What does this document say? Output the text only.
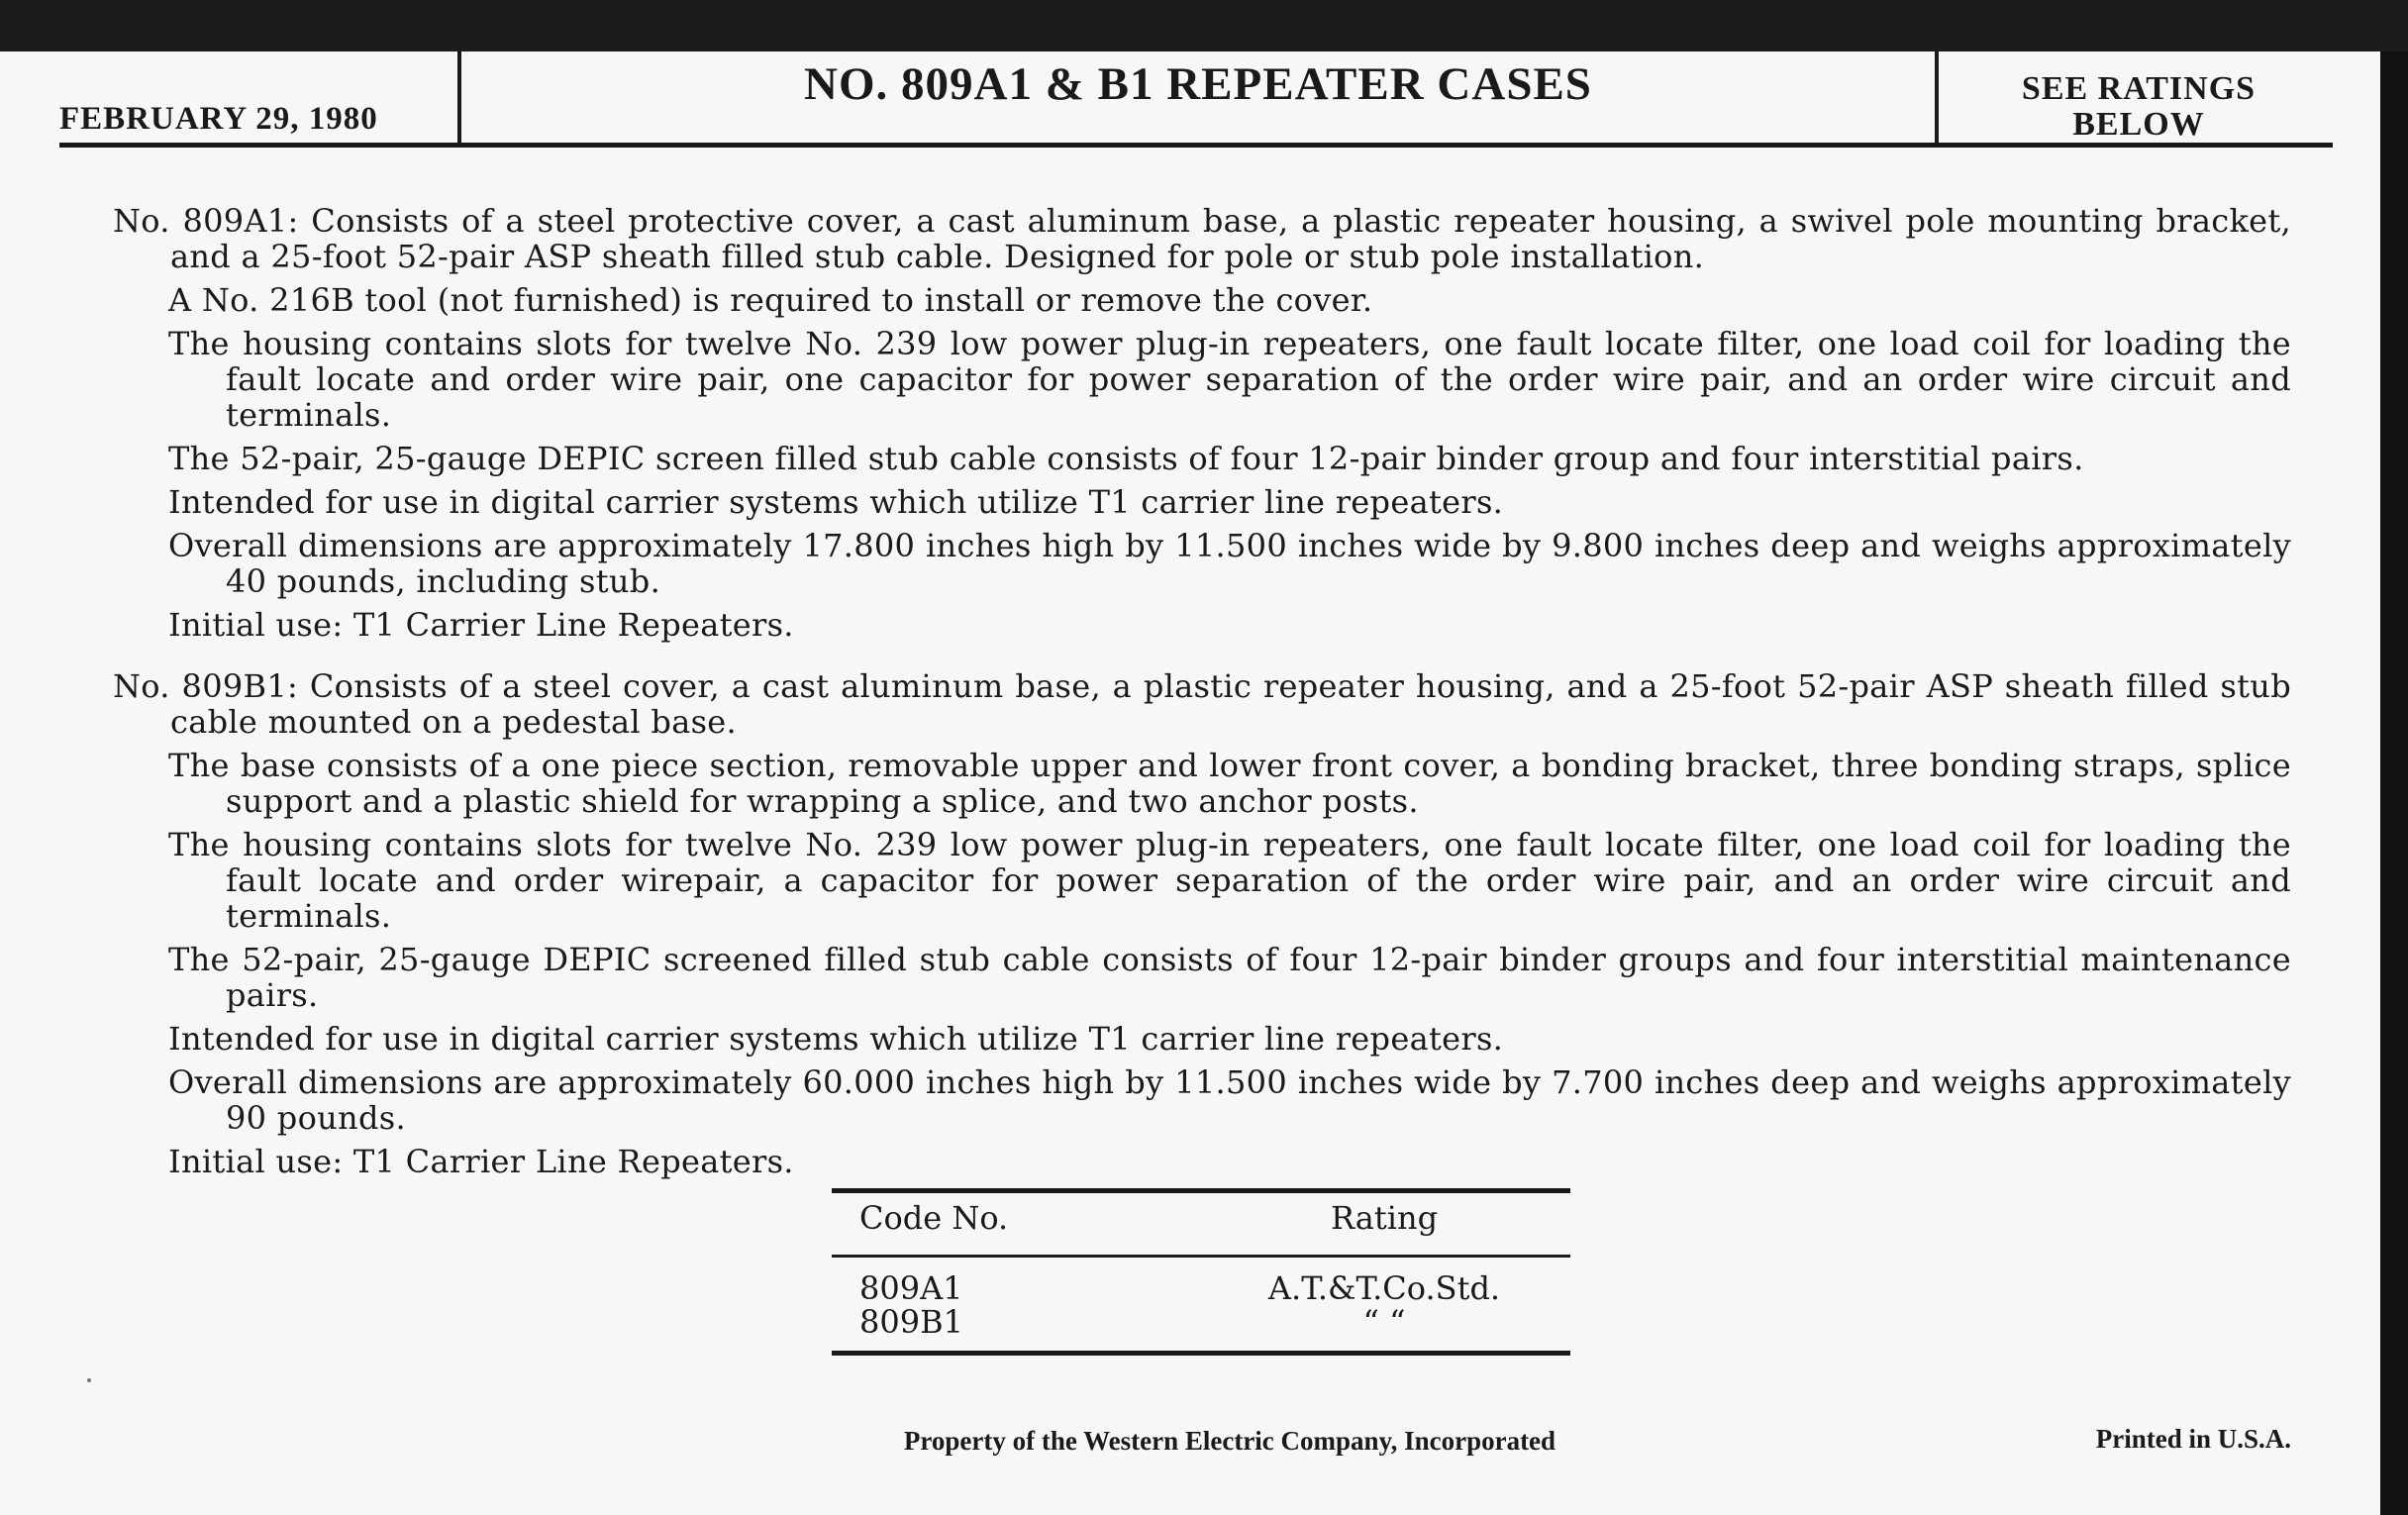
FEBRUARY 29, 1980
NO. 809A1 & B1 REPEATER CASES	SEE RATINGS
BELOW

No. 809A1: Consists of a steel protective cover, a cast aluminum base, a plastic repeater housing, a swivel pole mounting bracket, and a 25-foot 52-pair ASP sheath filled stub cable. Designed for pole or stub pole installation.

A No. 216B tool (not furnished) is required to install or remove the cover.

The housing contains slots for twelve No. 239 low power plug-in repeaters, one fault locate filter, one load coil for loading the fault locate and order wire pair, one capacitor for power separation of the order wire pair, and an order wire circuit and terminals.

The 52-pair, 25-gauge DEPIC screen filled stub cable consists of four 12-pair binder group and four interstitial pairs.

Intended for use in digital carrier systems which utilize T1 carrier line repeaters.

Overall dimensions are approximately 17.800 inches high by 11.500 inches wide by 9.800 inches deep and weighs approximately 40 pounds, including stub.

Initial use: T1 Carrier Line Repeaters.

No. 809B1: Consists of a steel cover, a cast aluminum base, a plastic repeater housing, and a 25-foot 52-pair ASP sheath filled stub cable mounted on a pedestal base.

The base consists of a one piece section, removable upper and lower front cover, a bonding bracket, three bonding straps, splice support and a plastic shield for wrapping a splice, and two anchor posts.

The housing contains slots for twelve No. 239 low power plug-in repeaters, one fault locate filter, one load coil for loading the fault locate and order wirepair, a capacitor for power separation of the order wire pair, and an order wire circuit and terminals.

The 52-pair, 25-gauge DEPIC screened filled stub cable consists of four 12-pair binder groups and four interstitial maintenance pairs.

Intended for use in digital carrier systems which utilize T1 carrier line repeaters.

Overall dimensions are approximately 60.000 inches high by 11.500 inches wide by 7.700 inches deep and weighs approximately 90 pounds.

Initial use: T1 Carrier Line Repeaters.

Code No.	Rating
809A1	A.T.&T.Co.Std.
809B1	“ “
Property of the Western Electric Company, Incorporated	Printed in U.S.A.
